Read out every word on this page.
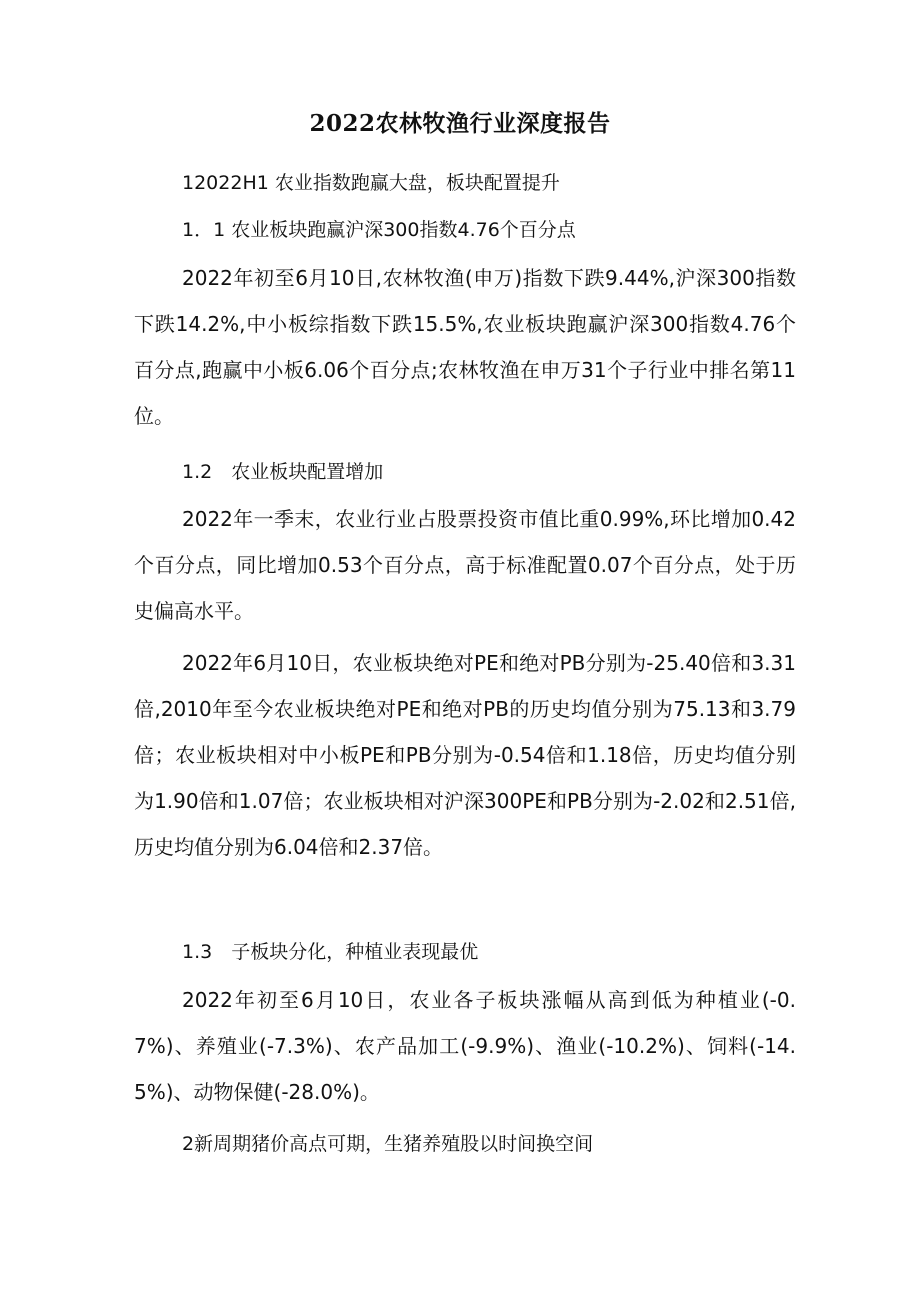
2022农林牧渔行业深度报告

12022H1 农业指数跑赢大盘，板块配置提升

1．1 农业板块跑赢沪深300指数4.76个百分点

2022年初至6月10日,农林牧渔(申万)指数下跌9.44%,沪深300指数下跌14.2%,中小板综指数下跌15.5%,农业板块跑赢沪深300指数4.76个百分点,跑赢中小板6.06个百分点;农林牧渔在申万31个子行业中排名第11位。

1.2　农业板块配置增加

2022年一季末，农业行业占股票投资市值比重0.99%,环比增加0.42个百分点，同比增加0.53个百分点，高于标准配置0.07个百分点，处于历史偏高水平。

2022年6月10日，农业板块绝对PE和绝对PB分别为-25.40倍和3.31倍,2010年至今农业板块绝对PE和绝对PB的历史均值分别为75.13和3.79倍；农业板块相对中小板PE和PB分别为-0.54倍和1.18倍，历史均值分别为1.90倍和1.07倍；农业板块相对沪深300PE和PB分别为-2.02和2.51倍,历史均值分别为6.04倍和2.37倍。

1.3　子板块分化，种植业表现最优

2022年初至6月10日，农业各子板块涨幅从高到低为种植业(-0.7%)、养殖业(-7.3%)、农产品加工(-9.9%)、渔业(-10.2%)、饲料(-14.5%)、动物保健(-28.0%)。

2新周期猪价高点可期，生猪养殖股以时间换空间
